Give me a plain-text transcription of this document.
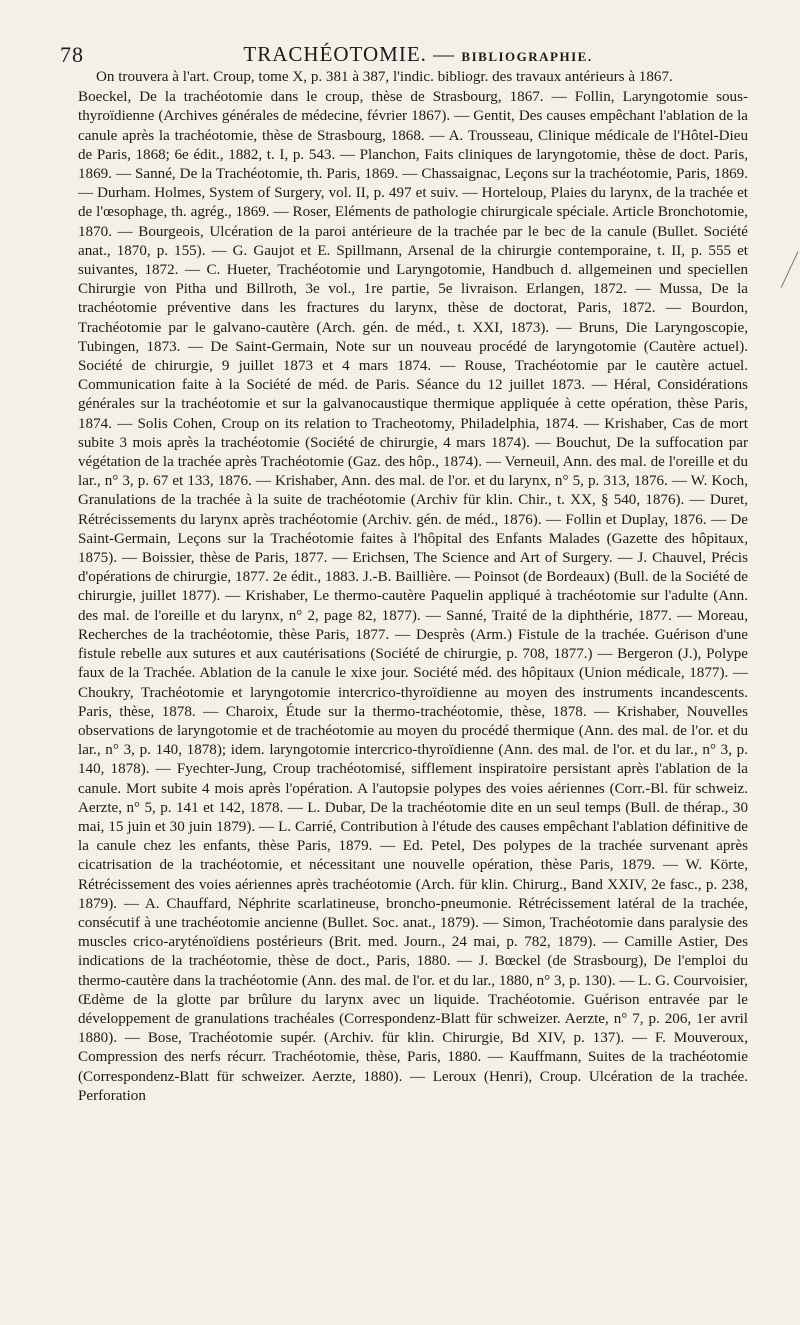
78	TRACHÉOTOMIE. — BIBLIOGRAPHIE.

On trouvera à l'art. Croup, tome X, p. 381 à 387, l'indic. bibliogr. des travaux antérieurs à 1867.

Boeckel, De la trachéotomie dans le croup, thèse de Strasbourg, 1867. — Follin, Laryngotomie sous-thyroïdienne (Archives générales de médecine, février 1867). — Gentit, Des causes empêchant l'ablation de la canule après la trachéotomie, thèse de Strasbourg, 1868. — A. Trousseau, Clinique médicale de l'Hôtel-Dieu de Paris, 1868; 6e édit., 1882, t. I, p. 543. — Planchon, Faits cliniques de laryngotomie, thèse de doct. Paris, 1869. — Sanné, De la Trachéotomie, th. Paris, 1869. — Chassaignac, Leçons sur la trachéotomie, Paris, 1869. — Durham. Holmes, System of Surgery, vol. II, p. 497 et suiv. — Horteloup, Plaies du larynx, de la trachée et de l'œsophage, th. agrég., 1869. — Roser, Eléments de pathologie chirurgicale spéciale. Article Bronchotomie, 1870. — Bourgeois, Ulcération de la paroi antérieure de la trachée par le bec de la canule (Bullet. Société anat., 1870, p. 155). — G. Gaujot et E. Spillmann, Arsenal de la chirurgie contemporaine, t. II, p. 555 et suivantes, 1872. — C. Hueter, Trachéotomie und Laryngotomie, Handbuch d. allgemeinen und speciellen Chirurgie von Pitha und Billroth, 3e vol., 1re partie, 5e livraison. Erlangen, 1872. — Mussa, De la trachéotomie préventive dans les fractures du larynx, thèse de doctorat, Paris, 1872. — Bourdon, Trachéotomie par le galvano-cautère (Arch. gén. de méd., t. XXI, 1873). — Bruns, Die Laryngoscopie, Tubingen, 1873. — De Saint-Germain, Note sur un nouveau procédé de laryngotomie (Cautère actuel). Société de chirurgie, 9 juillet 1873 et 4 mars 1874. — Rouse, Trachéotomie par le cautère actuel. Communication faite à la Société de méd. de Paris. Séance du 12 juillet 1873. — Héral, Considérations générales sur la trachéotomie et sur la galvanocaustique thermique appliquée à cette opération, thèse Paris, 1874. — Solis Cohen, Croup on its relation to Tracheotomy, Philadelphia, 1874. — Krishaber, Cas de mort subite 3 mois après la trachéotomie (Société de chirurgie, 4 mars 1874). — Bouchut, De la suffocation par végétation de la trachée après Trachéotomie (Gaz. des hôp., 1874). — Verneuil, Ann. des mal. de l'oreille et du lar., n° 3, p. 67 et 133, 1876. — Krishaber, Ann. des mal. de l'or. et du larynx, n° 5, p. 313, 1876. — W. Koch, Granulations de la trachée à la suite de trachéotomie (Archiv für klin. Chir., t. XX, § 540, 1876). — Duret, Rétrécissements du larynx après trachéotomie (Archiv. gén. de méd., 1876). — Follin et Duplay, 1876. — De Saint-Germain, Leçons sur la Trachéotomie faites à l'hôpital des Enfants Malades (Gazette des hôpitaux, 1875). — Boissier, thèse de Paris, 1877. — Erichsen, The Science and Art of Surgery. — J. Chauvel, Précis d'opérations de chirurgie, 1877. 2e édit., 1883. J.-B. Baillière. — Poinsot (de Bordeaux) (Bull. de la Société de chirurgie, juillet 1877). — Krishaber, Le thermo-cautère Paquelin appliqué à trachéotomie sur l'adulte (Ann. des mal. de l'oreille et du larynx, n° 2, page 82, 1877). — Sanné, Traité de la diphthérie, 1877. — Moreau, Recherches de la trachéotomie, thèse Paris, 1877. — Desprès (Arm.) Fistule de la trachée. Guérison d'une fistule rebelle aux sutures et aux cautérisations (Société de chirurgie, p. 708, 1877.) — Bergeron (J.), Polype faux de la Trachée. Ablation de la canule le xixe jour. Société méd. des hôpitaux (Union médicale, 1877). — Choukry, Trachéotomie et laryngotomie intercrico-thyroïdienne au moyen des instruments incandescents. Paris, thèse, 1878. — Charoix, Étude sur la thermo-trachéotomie, thèse, 1878. — Krishaber, Nouvelles observations de laryngotomie et de trachéotomie au moyen du procédé thermique (Ann. des mal. de l'or. et du lar., n° 3, p. 140, 1878); idem. laryngotomie intercrico-thyroïdienne (Ann. des mal. de l'or. et du lar., n° 3, p. 140, 1878). — Fyechter-Jung, Croup trachéotomisé, sifflement inspiratoire persistant après l'ablation de la canule. Mort subite 4 mois après l'opération. A l'autopsie polypes des voies aériennes (Corr.-Bl. für schweiz. Aerzte, n° 5, p. 141 et 142, 1878. — L. Dubar, De la trachéotomie dite en un seul temps (Bull. de thérap., 30 mai, 15 juin et 30 juin 1879). — L. Carrié, Contribution à l'étude des causes empêchant l'ablation définitive de la canule chez les enfants, thèse Paris, 1879. — Ed. Petel, Des polypes de la trachée survenant après cicatrisation de la trachéotomie, et nécessitant une nouvelle opération, thèse Paris, 1879. — W. Körte, Rétrécissement des voies aériennes après trachéotomie (Arch. für klin. Chirurg., Band XXIV, 2e fasc., p. 238, 1879). — A. Chauffard, Néphrite scarlatineuse, broncho-pneumonie. Rétrécissement latéral de la trachée, consécutif à une trachéotomie ancienne (Bullet. Soc. anat., 1879). — Simon, Trachéotomie dans paralysie des muscles crico-aryténoïdiens postérieurs (Brit. med. Journ., 24 mai, p. 782, 1879). — Camille Astier, Des indications de la trachéotomie, thèse de doct., Paris, 1880. — J. Bœckel (de Strasbourg), De l'emploi du thermo-cautère dans la trachéotomie (Ann. des mal. de l'or. et du lar., 1880, n° 3, p. 130). — L. G. Courvoisier, Œdème de la glotte par brûlure du larynx avec un liquide. Trachéotomie. Guérison entravée par le développement de granulations trachéales (Correspondenz-Blatt für schweizer. Aerzte, n° 7, p. 206, 1er avril 1880). — Bose, Trachéotomie supér. (Archiv. für klin. Chirurgie, Bd XIV, p. 137). — F. Mouveroux, Compression des nerfs récurr. Trachéotomie, thèse, Paris, 1880. — Kauffmann, Suites de la trachéotomie (Correspondenz-Blatt für schweizer. Aerzte, 1880). — Leroux (Henri), Croup. Ulcération de la trachée. Perforation
